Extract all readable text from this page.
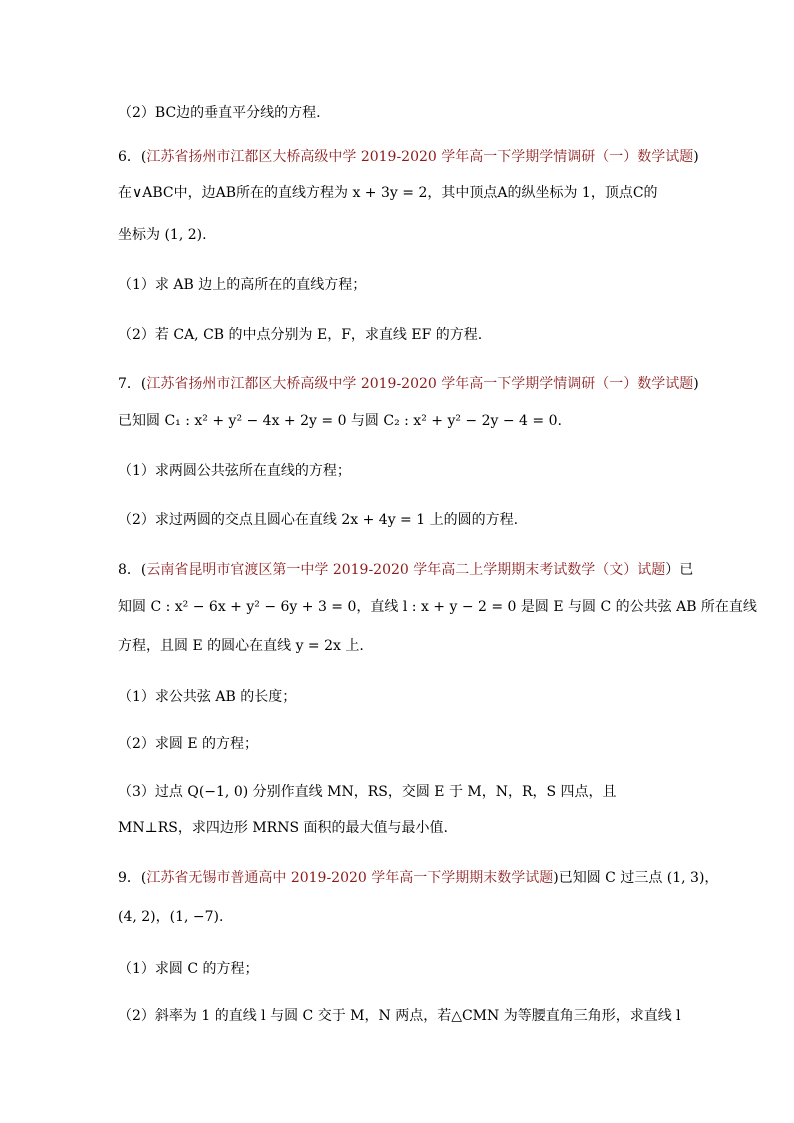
（2）BC边的垂直平分线的方程.
6．(江苏省扬州市江都区大桥高级中学 2019-2020 学年高一下学期学情调研（一）数学试题)
在∨ABC中，边AB所在的直线方程为 x + 3y = 2，其中顶点A的纵坐标为 1，顶点C的
坐标为 (1, 2).
（1）求 AB 边上的高所在的直线方程；
（2）若 CA, CB 的中点分别为 E，F，求直线 EF 的方程.
7．(江苏省扬州市江都区大桥高级中学 2019-2020 学年高一下学期学情调研（一）数学试题)
已知圆 C₁ : x² + y² − 4x + 2y = 0 与圆 C₂ : x² + y² − 2y − 4 = 0.
（1）求两圆公共弦所在直线的方程；
（2）求过两圆的交点且圆心在直线 2x + 4y = 1 上的圆的方程.
8．(云南省昆明市官渡区第一中学 2019-2020 学年高二上学期期末考试数学（文）试题）已
知圆 C : x² − 6x + y² − 6y + 3 = 0，直线 l : x + y − 2 = 0 是圆 E 与圆 C 的公共弦 AB 所在直线
方程，且圆 E 的圆心在直线 y = 2x 上.
（1）求公共弦 AB 的长度；
（2）求圆 E 的方程；
（3）过点 Q(−1, 0) 分别作直线 MN，RS，交圆 E 于 M，N，R，S 四点，且
MN⊥RS，求四边形 MRNS 面积的最大值与最小值.
9．(江苏省无锡市普通高中 2019-2020 学年高一下学期期末数学试题)已知圆 C 过三点 (1, 3)，
(4, 2)，(1, −7).
（1）求圆 C 的方程；
（2）斜率为 1 的直线 l 与圆 C 交于 M，N 两点，若△CMN 为等腰直角三角形，求直线 l
